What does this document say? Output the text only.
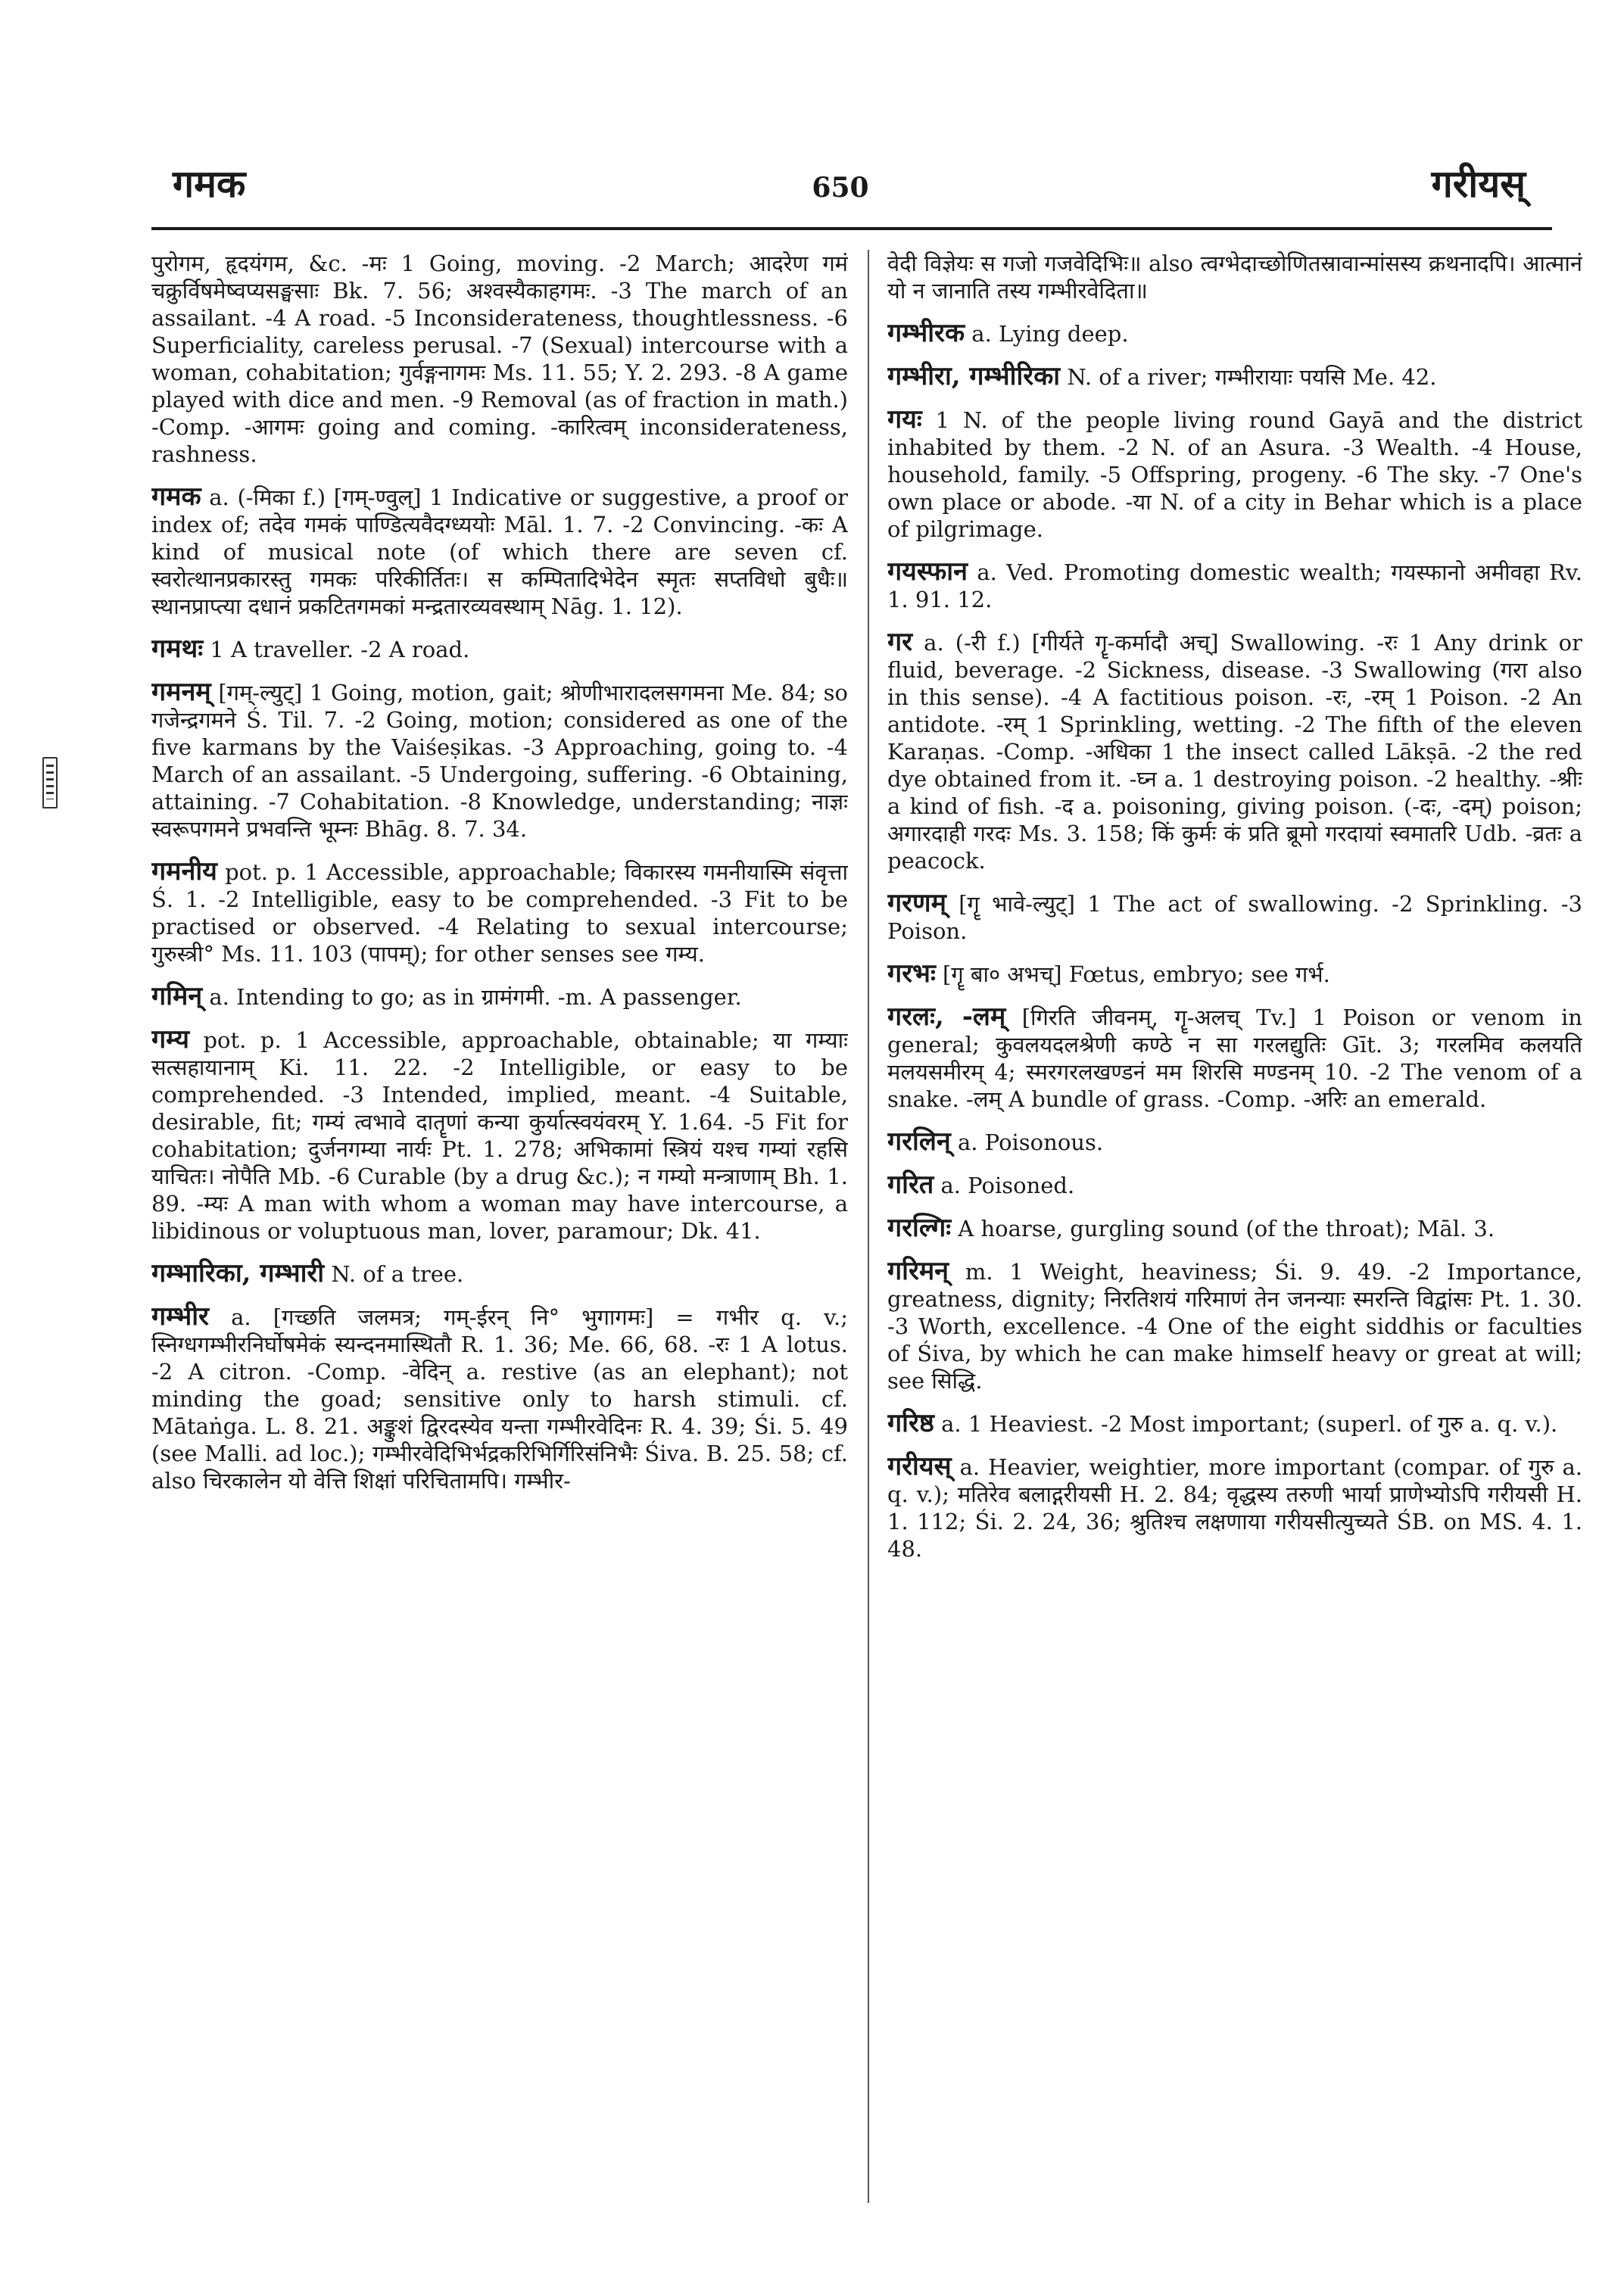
गमक	650	गरीयस्

पुरोगम, हृदयंगम, &c. -मः 1 Going, moving. -2 March; आदरेण गमं चक्रुर्विषमेष्वप्यसङ्घसाः Bk. 7. 56; अश्वस्यैकाहगमः. -3 The march of an assailant. -4 A road. -5 Inconsiderateness, thoughtlessness. -6 Superficiality, careless perusal. -7 (Sexual) intercourse with a woman, cohabitation; गुर्वङ्गनागमः Ms. 11. 55; Y. 2. 293. -8 A game played with dice and men. -9 Removal (as of fraction in math.) -Comp. -आगमः going and coming. -कारित्वम् inconsiderateness, rashness.

गमक a. (-मिका f.) [गम्-ण्वुल्] 1 Indicative or suggestive, a proof or index of; तदेव गमकं पाण्डित्यवैदग्ध्ययोः Māl. 1. 7. -2 Convincing. -कः A kind of musical note (of which there are seven cf. स्वरोत्थानप्रकारस्तु गमकः परिकीर्तितः। स कम्पितादिभेदेन स्मृतः सप्तविधो बुधैः॥ स्थानप्राप्त्या दधानं प्रकटितगमकां मन्द्रतारव्यवस्थाम् Nāg. 1. 12).

गमथः 1 A traveller. -2 A road.

गमनम् [गम्-ल्युट्] 1 Going, motion, gait; श्रोणीभारादलसगमना Me. 84; so गजेन्द्रगमने Ś. Til. 7. -2 Going, motion; considered as one of the five karmans by the Vaiśeṣikas. -3 Approaching, going to. -4 March of an assailant. -5 Undergoing, suffering. -6 Obtaining, attaining. -7 Cohabitation. -8 Knowledge, understanding; नाज्ञः स्वरूपगमने प्रभवन्ति भूम्नः Bhāg. 8. 7. 34.

गमनीय pot. p. 1 Accessible, approachable; विकारस्य गमनीयास्मि संवृत्ता Ś. 1. -2 Intelligible, easy to be comprehended. -3 Fit to be practised or observed. -4 Relating to sexual intercourse; गुरुस्त्री° Ms. 11. 103 (पापम्); for other senses see गम्य.

गमिन् a. Intending to go; as in ग्रामंगमी. -m. A passenger.

गम्य pot. p. 1 Accessible, approachable, obtainable; या गम्याः सत्सहायानाम् Ki. 11. 22. -2 Intelligible, or easy to be comprehended. -3 Intended, implied, meant. -4 Suitable, desirable, fit; गम्यं त्वभावे दातॄणां कन्या कुर्यात्स्वयंवरम् Y. 1.64. -5 Fit for cohabitation; दुर्जनगम्या नार्यः Pt. 1. 278; अभिकामां स्त्रियं यश्च गम्यां रहसि याचितः। नोपैति Mb. -6 Curable (by a drug &c.); न गम्यो मन्त्राणाम् Bh. 1. 89. -म्यः A man with whom a woman may have intercourse, a libidinous or voluptuous man, lover, paramour; Dk. 41.

गम्भारिका, गम्भारी N. of a tree.

गम्भीर a. [गच्छति जलमत्र; गम्-ईरन् नि° भुगागमः] = गभीर q. v.; स्निग्धगम्भीरनिर्घोषमेकं स्यन्दनमास्थितौ R. 1. 36; Me. 66, 68. -रः 1 A lotus. -2 A citron. -Comp. -वेदिन् a. restive (as an elephant); not minding the goad; sensitive only to harsh stimuli. cf. Mātaṅga. L. 8. 21. अङ्कुशं द्विरदस्येव यन्ता गम्भीरवेदिनः R. 4. 39; Śi. 5. 49 (see Malli. ad loc.); गम्भीरवेदिभिर्भद्रकरिभिर्गिरिसंनिभैः Śiva. B. 25. 58; cf. also चिरकालेन यो वेत्ति शिक्षां परिचितामपि। गम्भीर-

वेदी विज्ञेयः स गजो गजवेदिभिः॥ also त्वग्भेदाच्छोणितस्रावान्मांसस्य क्रथनादपि। आत्मानं यो न जानाति तस्य गम्भीरवेदिता॥

गम्भीरक a. Lying deep.

गम्भीरा, गम्भीरिका N. of a river; गम्भीरायाः पयसि Me. 42.

गयः 1 N. of the people living round Gayā and the district inhabited by them. -2 N. of an Asura. -3 Wealth. -4 House, household, family. -5 Offspring, progeny. -6 The sky. -7 One's own place or abode. -या N. of a city in Behar which is a place of pilgrimage.

गयस्फान a. Ved. Promoting domestic wealth; गयस्फानो अमीवहा Rv. 1. 91. 12.

गर a. (-री f.) [गीर्यते गॄ-कर्मादौ अच्] Swallowing. -रः 1 Any drink or fluid, beverage. -2 Sickness, disease. -3 Swallowing (गरा also in this sense). -4 A factitious poison. -रः, -रम् 1 Poison. -2 An antidote. -रम् 1 Sprinkling, wetting. -2 The fifth of the eleven Karaṇas. -Comp. -अधिका 1 the insect called Lākṣā. -2 the red dye obtained from it. -घ्न a. 1 destroying poison. -2 healthy. -श्रीः a kind of fish. -द a. poisoning, giving poison. (-दः, -दम्) poison; अगारदाही गरदः Ms. 3. 158; किं कुर्मः कं प्रति ब्रूमो गरदायां स्वमातरि Udb. -व्रतः a peacock.

गरणम् [गॄ भावे-ल्युट्] 1 The act of swallowing. -2 Sprinkling. -3 Poison.

गरभः [गॄ बा० अभच्] Fœtus, embryo; see गर्भ.

गरलः, -लम् [गिरति जीवनम्, गॄ-अलच् Tv.] 1 Poison or venom in general; कुवलयदलश्रेणी कण्ठे न सा गरलद्युतिः Gīt. 3; गरलमिव कलयति मलयसमीरम् 4; स्मरगरलखण्डनं मम शिरसि मण्डनम् 10. -2 The venom of a snake. -लम् A bundle of grass. -Comp. -अरिः an emerald.

गरलिन् a. Poisonous.

गरित a. Poisoned.

गरल्गिः A hoarse, gurgling sound (of the throat); Māl. 3.

गरिमन् m. 1 Weight, heaviness; Śi. 9. 49. -2 Importance, greatness, dignity; निरतिशयं गरिमाणं तेन जनन्याः स्मरन्ति विद्वांसः Pt. 1. 30. -3 Worth, excellence. -4 One of the eight siddhis or faculties of Śiva, by which he can make himself heavy or great at will; see सिद्धि.

गरिष्ठ a. 1 Heaviest. -2 Most important; (superl. of गुरु a. q. v.).

गरीयस् a. Heavier, weightier, more important (compar. of गुरु a. q. v.); मतिरेव बलाद्गरीयसी H. 2. 84; वृद्धस्य तरुणी भार्या प्राणेभ्योऽपि गरीयसी H. 1. 112; Śi. 2. 24, 36; श्रुतिश्च लक्षणाया गरीयसीत्युच्यते ŚB. on MS. 4. 1. 48.
